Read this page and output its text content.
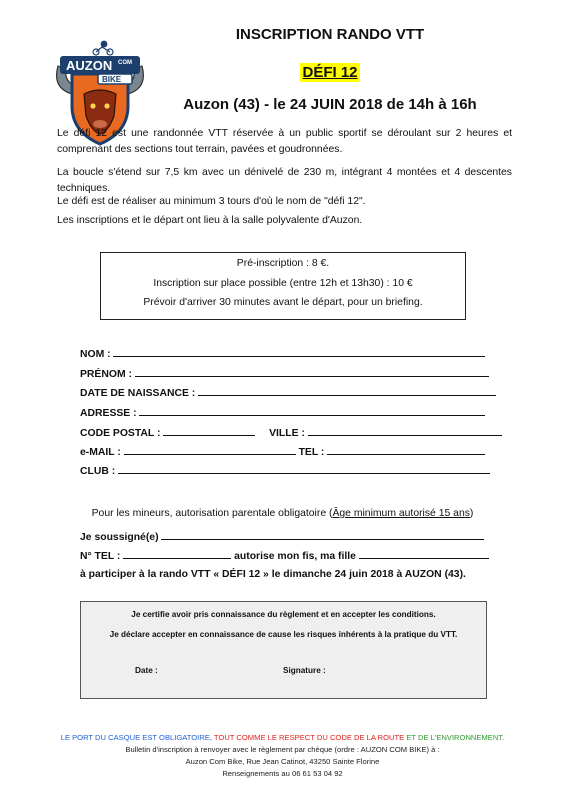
AUZON COM
BIKE
INSCRIPTION RANDO VTT
DÉFI 12
Auzon (43) - le 24 JUIN 2018 de 14h à 16h
Le défi 12 est une randonnée VTT réservée à un public sportif se déroulant sur 2 heures et comprenant des sections tout terrain, pavées et goudronnées.
La boucle s'étend sur 7,5 km avec un dénivelé de 230 m, intégrant 4 montées et 4 descentes techniques.
Le défi est de réaliser au minimum 3 tours d'où le nom de "défi 12".
Les inscriptions et le départ ont lieu à la salle polyvalente d'Auzon.
Pré-inscription : 8 €.
Inscription sur place possible (entre 12h et 13h30) : 10 €
Prévoir d'arriver 30 minutes avant le départ, pour un briefing.
NOM :
PRÉNOM :
DATE DE NAISSANCE :
ADRESSE :
CODE POSTAL :	VILLE :
e-MAIL :	TEL :
CLUB :
Pour les mineurs, autorisation parentale obligatoire (Âge minimum autorisé 15 ans)
Je soussigné(e)
N° TEL :	autorise mon fis, ma fille
à participer à la rando VTT « DÉFI 12 » le dimanche 24 juin 2018 à AUZON (43).
Je certifie avoir pris connaissance du règlement et en accepter les conditions.
Je déclare accepter en connaissance de cause les risques inhérents à la pratique du VTT.
Date :	Signature :
LE PORT DU CASQUE EST OBLIGATOIRE, TOUT COMME LE RESPECT DU CODE DE LA ROUTE ET DE L'ENVIRONNEMENT.
Bulletin d'inscription à renvoyer avec le règlement par chèque (ordre : AUZON COM BIKE) à :
Auzon Com Bike, Rue Jean Catinot, 43250 Sainte Florine
Renseignements au 06 61 53 04 92
